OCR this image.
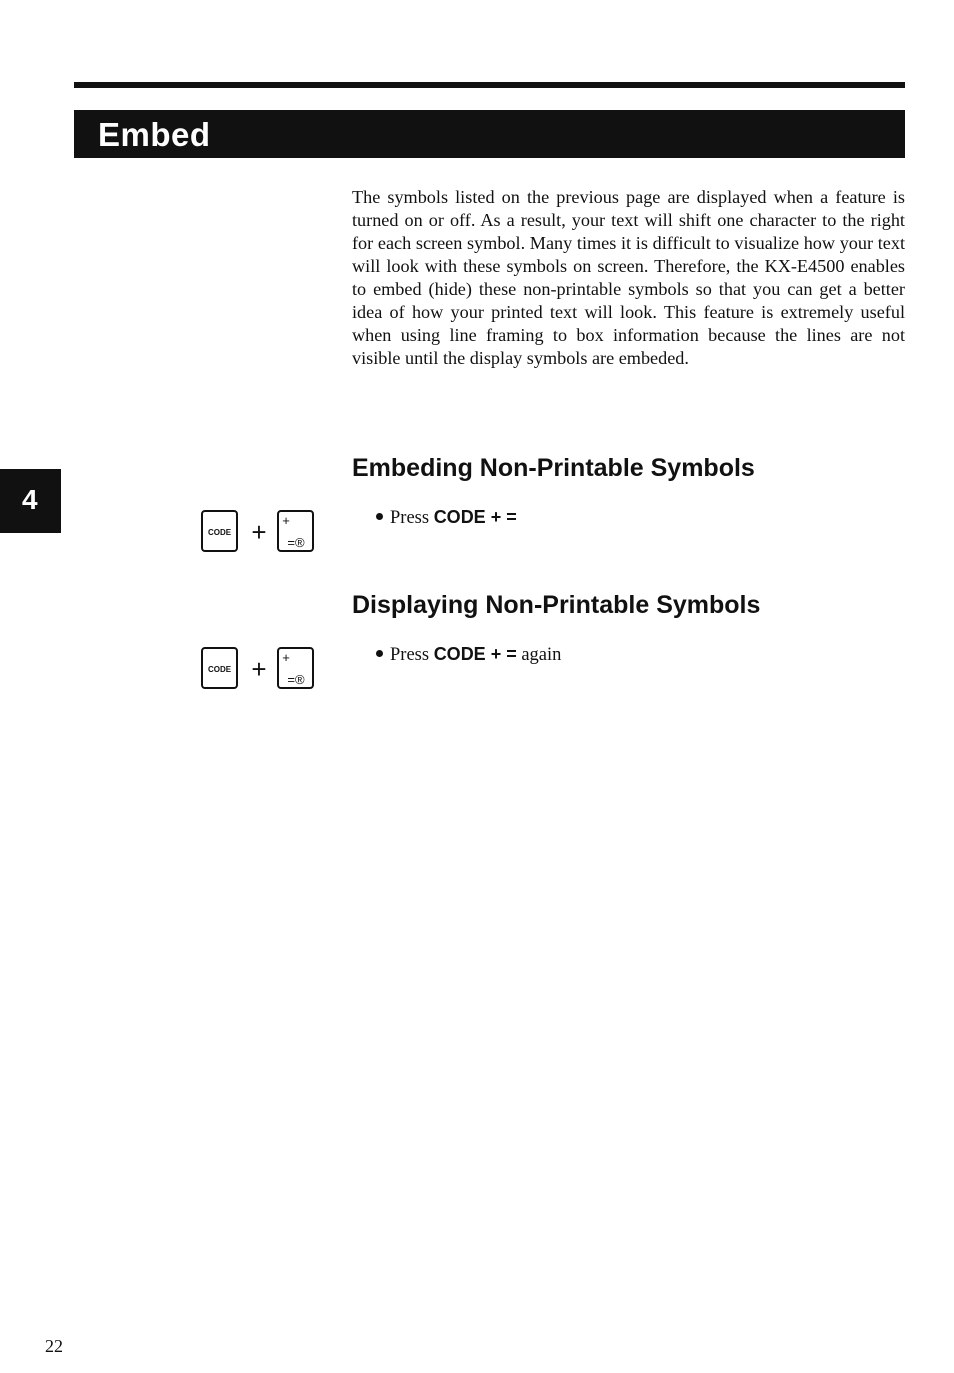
Embed

The symbols listed on the previous page are displayed when a feature is turned on or off. As a result, your text will shift one character to the right for each screen symbol. Many times it is difficult to visualize how your text will look with these symbols on screen. Therefore, the KX-E4500 enables to embed (hide) these non-printable symbols so that you can get a better idea of how your printed text will look. This feature is extremely useful when using line framing to box information because the lines are not visible until the display symbols are embeded.

4
Embeding Non-Printable Symbols
CODE + +
=®
Press CODE + =
Displaying Non-Printable Symbols
CODE + +
=®
Press CODE + = again
22
